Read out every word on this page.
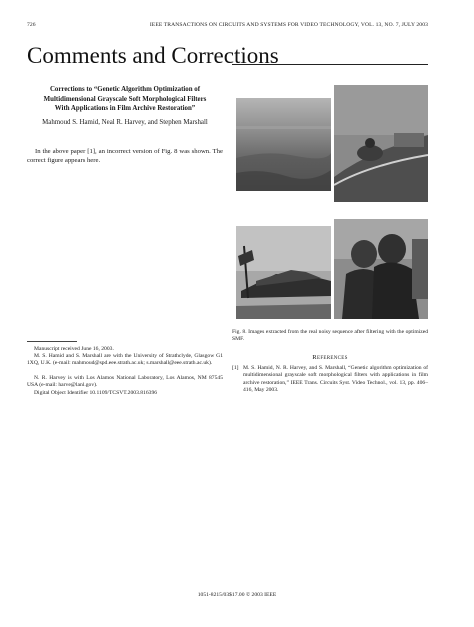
726	IEEE TRANSACTIONS ON CIRCUITS AND SYSTEMS FOR VIDEO TECHNOLOGY, VOL. 13, NO. 7, JULY 2003
Comments and Corrections
Corrections to “Genetic Algorithm Optimization of
Multidimensional Grayscale Soft Morphological Filters
With Applications in Film Archive Restoration”
Mahmoud S. Hamid, Neal R. Harvey, and Stephen Marshall
In the above paper [1], an incorrect version of Fig. 8 was shown. The correct figure appears here.
Manuscript received June 16, 2003.
M. S. Hamid and S. Marshall are with the University of Strathclyde, Glasgow G1 1XQ, U.K. (e-mail: mahmoud@spd.eee.strath.ac.uk; s.marshall@eee.strath.ac.uk).
N. R. Harvey is with Los Alamos National Laboratory, Los Alamos, NM 87545 USA (e-mail: harve@lanl.gov).
Digital Object Identifier 10.1109/TCSVT.2003.816396
Fig. 8. Images extracted from the real noisy sequence after filtering with the optimized SMF.
References
[1] M. S. Hamid, N. R. Harvey, and S. Marshall, “Genetic algorithm optimization of multidimensional grayscale soft morphological filters with applications in film archive restoration,” IEEE Trans. Circuits Syst. Video Technol., vol. 13, pp. 406–416, May 2003.
1051-8215/03$17.00 © 2003 IEEE
